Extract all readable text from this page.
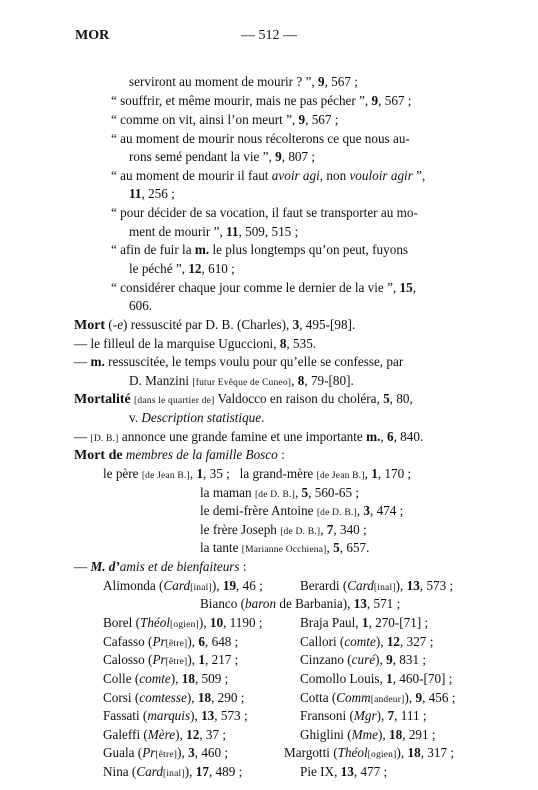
MOR	— 512 —
serviront au moment de mourir ? ”, 9, 567 ;
“ souffrir, et même mourir, mais ne pas pécher ”, 9, 567 ;
“ comme on vit, ainsi l’on meurt ”, 9, 567 ;
“ au moment de mourir nous récolterons ce que nous au-
rons semé pendant la vie ”, 9, 807 ;
“ au moment de mourir il faut avoir agi, non vouloir agir ”,
11, 256 ;
“ pour décider de sa vocation, il faut se transporter au mo-
ment de mourir ”, 11, 509, 515 ;
“ afin de fuir la m. le plus longtemps qu’on peut, fuyons
le péché ”, 12, 610 ;
“ considérer chaque jour comme le dernier de la vie ”, 15,
606.
Mort (-e) ressuscité par D. B. (Charles), 3, 495-[98].
— le filleul de la marquise Uguccioni, 8, 535.
— m. ressuscitée, le temps voulu pour qu’elle se confesse, par
D. Manzini [futur Evêque de Cuneo], 8, 79-[80].
Mortalité [dans le quartier de] Valdocco en raison du choléra, 5, 80,
v. Description statistique.
— [D. B.] annonce une grande famine et une importante m., 6, 840.
Mort de membres de la famille Bosco :
le père [de Jean B.], 1, 35 ;   la grand-mère [de Jean B.], 1, 170 ;
la maman [de D. B.], 5, 560-65 ;
le demi-frère Antoine [de D. B.], 3, 474 ;
le frère Joseph [de D. B.], 7, 340 ;
la tante [Marianne Occhiena], 5, 657.
— M. d’amis et de bienfaiteurs :
Alimonda (Card[inal]), 19, 46 ;	Berardi (Card[inal]), 13, 573 ;
Bianco (baron de Barbania), 13, 571 ;
Borel (Théol[ogien]), 10, 1190 ;	Braja Paul, 1, 270-[71] ;
Cafasso (Pr[être]), 6, 648 ;	Callori (comte), 12, 327 ;
Calosso (Pr[être]), 1, 217 ;	Cinzano (curé), 9, 831 ;
Colle (comte), 18, 509 ;	Comollo Louis, 1, 460-[70] ;
Corsi (comtesse), 18, 290 ;	Cotta (Comm[andeur]), 9, 456 ;
Fassati (marquis), 13, 573 ;	Fransoni (Mgr), 7, 111 ;
Galeffi (Mère), 12, 37 ;	Ghiglini (Mme), 18, 291 ;
Guala (Pr[être]), 3, 460 ;	Margotti (Théol[ogien]), 18, 317 ;
Nina (Card[inal]), 17, 489 ;	Pie IX, 13, 477 ;
